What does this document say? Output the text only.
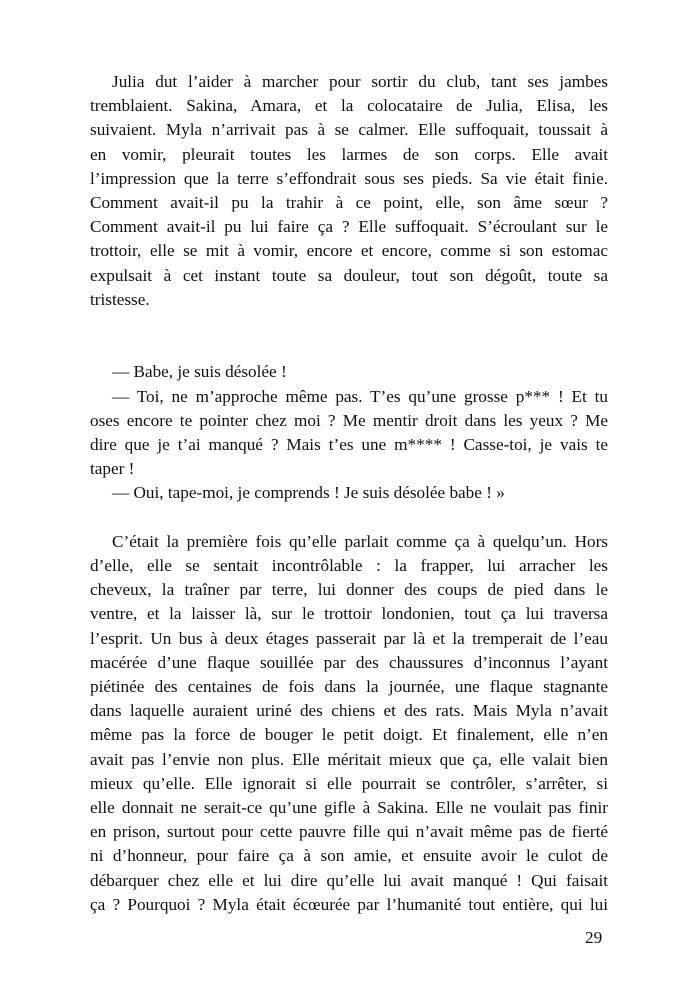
Julia dut l’aider à marcher pour sortir du club, tant ses jambes
tremblaient. Sakina, Amara, et la colocataire de Julia, Elisa, les
suivaient. Myla n’arrivait pas à se calmer. Elle suffoquait, toussait à
en vomir, pleurait toutes les larmes de son corps. Elle avait
l’impression que la terre s’effondrait sous ses pieds. Sa vie était finie.
Comment avait-il pu la trahir à ce point, elle, son âme sœur ?
Comment avait-il pu lui faire ça ? Elle suffoquait. S’écroulant sur le
trottoir, elle se mit à vomir, encore et encore, comme si son estomac
expulsait à cet instant toute sa douleur, tout son dégoût, toute sa
tristesse.
— Babe, je suis désolée !
— Toi, ne m’approche même pas. T’es qu’une grosse p*** ! Et tu
oses encore te pointer chez moi ? Me mentir droit dans les yeux ? Me
dire que je t’ai manqué ? Mais t’es une m**** ! Casse-toi, je vais te
taper !
— Oui, tape-moi, je comprends ! Je suis désolée babe ! »
C’était la première fois qu’elle parlait comme ça à quelqu’un. Hors
d’elle, elle se sentait incontrôlable : la frapper, lui arracher les
cheveux, la traîner par terre, lui donner des coups de pied dans le
ventre, et la laisser là, sur le trottoir londonien, tout ça lui traversa
l’esprit. Un bus à deux étages passerait par là et la tremperait de l’eau
macérée d’une flaque souillée par des chaussures d’inconnus l’ayant
piétinée des centaines de fois dans la journée, une flaque stagnante
dans laquelle auraient uriné des chiens et des rats. Mais Myla n’avait
même pas la force de bouger le petit doigt. Et finalement, elle n’en
avait pas l’envie non plus. Elle méritait mieux que ça, elle valait bien
mieux qu’elle. Elle ignorait si elle pourrait se contrôler, s’arrêter, si
elle donnait ne serait-ce qu’une gifle à Sakina. Elle ne voulait pas finir
en prison, surtout pour cette pauvre fille qui n’avait même pas de fierté
ni d’honneur, pour faire ça à son amie, et ensuite avoir le culot de
débarquer chez elle et lui dire qu’elle lui avait manqué ! Qui faisait
ça ? Pourquoi ? Myla était écœurée par l’humanité tout entière, qui lui
29
